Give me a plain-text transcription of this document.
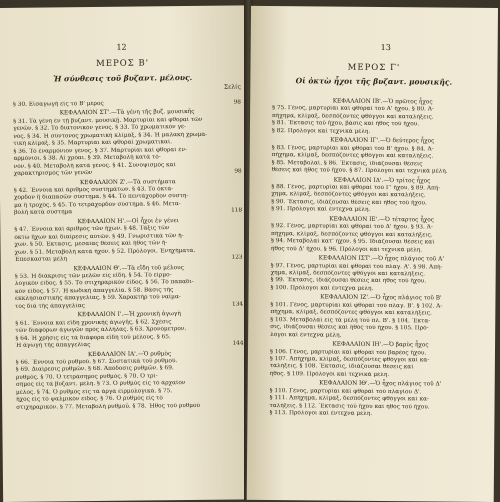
12
ΜΕΡΟΣ Β'
Ἡ σύνθεσις τοῦ βυζαντ. μέλους.
Σελίς
98
§ 30. Εἰσαγωγὴ εἰς τὸ Β' μέρος
ΚΕΦΑΛΑΙΟΝ ΣΤ'.—Τὰ γένη τῆς βυζ. μουσικῆς
§ 31. Τὰ γένη ἐν τῇ βυζαντ. μουσικῇ. Μαρτυρίαι καὶ φθοραὶ τῶν
γενῶν. § 32. Τὸ διατονικὸν γένος. § 33. Τὸ χρωματικὸν γέ-
νος. § 34. Ἡ σύντονος χρωματικὴ κλίμαξ. § 34. Ἡ μαλακὴ χρωμα-
τικὴ κλίμαξ. § 35. Μαρτυρίαι καὶ φθοραὶ χρωματικαί.
§ 36. Τὸ ἐναρμόνιον γένος. § 37. Μαρτυρίαι καὶ φθοραὶ ἐν-
αρμόνιοι. § 38. Αἱ χρόαι. § 39. Μεταβολὴ κατὰ τό-
νον. § 40. Μεταβολὴ κατὰ γένος. § 41. Συνοψισμὸς καὶ
98
χαρακτηρισμὸς τῶν γενῶν
ΚΕΦΑΛΑΙΟΝ Ζ'.—Τὰ συστήματα
§ 42. Ἔννοια καὶ ἀριθμὸς συστημάτων. § 43. Τὸ ὀκτά-
χορδον ἢ διαπασῶν σύστημα. § 44. Τὸ πεντάχορδον σύστη-
μα ἢ τροχός. § 45. Τὸ τετράχορδον σύστημα. § 46. Μετα-
118
βολὴ κατὰ σύστημα
ΚΕΦΑΛΑΙΟΝ Η'.—Οἱ ἦχοι ἐν γένει
§ 47. Ἔννοια καὶ ἀριθμὸς τῶν ἤχων. § 48. Τάξις τῶν
ὀκτὼ ἤχων καὶ διαίρεσις αὐτῶν. § 49. Γνωριστικὰ τῶν ἤ-
χων. § 50. Ἐκτασις, μεσαίας θέσεις καὶ ἦθος τῶν ἤ-
χων. § 51. Μεταβολὴ κατὰ ἦχον. § 52. Πρόλογοι. Ἐνηχήματα.
123
Ἐπεσκασται μέλη
ΚΕΦΑΛΑΙΟΝ Θ'.—Τὰ εἴδη τοῦ μέλους
§ 53. Ἡ διάκρισις τῶν μελῶν εἰς εἴδη. § 54. Τὸ εἱρμο-
λογικὸν εἶδος. § 55. Τὸ στιχηραρικὸν εἶδος. § 56. Τὸ παπαδι-
κὸν εἶδος. § 57. Ἡ κωδικὴ ἀπαγγελία. § 58. Βάσις τῆς
ἐκκλησιαστικῆς ἀπαγγελίας. § 59. Χαρακτὴρ τοῦ ναΐμα-
134
τος διὰ τῆς ἀπαγγελίας
ΚΕΦΑΛΑΙΟΝ Ι'.—Ἡ χρονικὴ ἀγωγὴ
§ 61. Ἔννοια καὶ εἴδη χρονικῆς ἀγωγῆς. § 62. Σχέσις
τῶν διαφόρων ἀγωγῶν πρὸς ἀλλήλας. § 63. Χρονόμετρον.
§ 64. Ἡ χρῆσις εἰς τὰ διάφορα εἴδη τοῦ μέλους. § 65.
144
Ἡ ἀγωγὴ τῆς ἀπαγγελίας
ΚΕΦΑΛΑΙΟΝ ΙΑ'.—Ὁ ρυθμὸς
§ 66. Ἔννοια τοῦ ρυθμοῦ. § 67. Συστατικὰ τοῦ ρυθμοῦ.
§ 69. Διαίρεσις ρυθμῶν. § 68. Ἀπόδοσις ρυθμῶν. § 69.
ρυθμός. § 70. Ὁ τετράσημος ρυθμός. § 70. Ὁ τρί-
σημος εἰς τὰ βυζαντ. μέλη. § 73. Ὁ ρυθμὸς εἰς τὸ ἀρχαῖον
μέλος. § 74. Ὁ ρυθμὸς εἰς τὰ ἀργὰ εἱρμολογικὰ. § 75.
ἤχος εἰς τὸ ψαλμικὸν εἶδος. § 76. Ὁ ρυθμὸς εἰς τὸ
στιχηραρικὸν. § 77. Μεταβολὴ ρυθμοῦ. § 78. Ἦθος τοῦ ρυθμοῦ
13
ΜΕΡΟΣ Γ'
Οἱ ὀκτὼ ἦχοι τῆς βυζαντ. μουσικῆς.
ΚΕΦΑΛΑΙΟΝ ΙΒ'.—Ὁ πρῶτος ἦχος
§ 75. Γένος, μαρτυρίαι καὶ φθοραὶ τοῦ Α' ἤχου. § 80. Ἀ-
πήχημα, κλίμαξ, δεσπόζοντες φθόγγοι καὶ καταλήξεις.
§ 81. Ἔκτασις τοῦ ἤχου, βάσις καὶ ἦθος τοῦ ἤχου.
§ 82. Πρόλογοι καὶ τεχνικὰ μέλη.
ΚΕΦΑΛΑΙΟΝ ΙΓ'.—Ὁ δεύτερος ἦχος
§ 83. Γένος, μαρτυρίαι καὶ φθοραὶ τοῦ Β' ἤχου. § 84. Ἀ-
πήχημα, κλίμαξ, δεσπόζοντες φθόγγοι καὶ καταλήξεις.
§ 85. Μεταβολαί. § 86. Ἔκτασις, ἰδιάζουσαι θέσεις
θέσεις καὶ ἦθος τοῦ ἤχου. § 87. Πρόλογοι καὶ τεχνικὰ μέλη.
ΚΕΦΑΛΑΙΟΝ ΙΔ'.—Ὁ τρίτος ἦχος
§ 88. Γένος, μαρτυρίαι καὶ φθοραὶ τοῦ Γ' ἤχου. § 89. Ἀπή-
χημα, κλίμαξ, δεσπόζοντες φθόγγοι καὶ καταλήξεις.
§ 90. Ἔκτασις, ἰδιάζουσαι θέσεις καὶ ἦθος τοῦ ἤχου.
§ 91. Πρόλογοι καὶ ἐντεχνα μέλη.
ΚΕΦΑΛΑΙΟΝ ΙΕ'.—Ὁ τέταρτος ἦχος
§ 92. Γένος, μαρτυρίαι καὶ φθοραὶ τοῦ Δ' ἤχου. § 93. Ἀ-
πήχημα, κλίμαξ, δεσπόζοντες φθόγγοι καὶ καταλήξεις.
§ 94. Μεταβολαί κατ' ἦχον. § 95. Ἰδιάζουσαι θέσεις καὶ
ἦθος τοῦ Δ' ἤχου. § 96. Πρόλογοι καὶ τεχνικὰ μέλη.
ΚΕΦΑΛΑΙΟΝ ΙΣΤ'.—Ὁ ἦχος πλάγιος τοῦ Α'
§ 97. Γένος, μαρτυρίαι καὶ φθοραὶ τοῦ πλαγ. Α'. § 98. Ἀπή-
χημα, κλίμαξ, δεσπόζοντες φθόγγοι καὶ καταλήξεις.
§ 99. Ἔκτασις, ἰδιάζουσαι θέσεις καὶ ἦθος τοῦ ἤχου.
§ 100. Πρόλογοι καὶ ἐντεχνα μέλη.
ΚΕΦΑΛΑΙΟΝ ΙΖ'.—Ὁ ἦχος πλάγιος τοῦ Β'
§ 101. Γένος, μαρτυρίαι καὶ φθοραὶ τοῦ πλαγ. Β'. § 102. Ἀ-
πήχημα, κλίμαξ, δεσπόζοντες φθόγγοι καὶ καταλήξεις.
§ 103. Μεταβολαί εἰς τὰ μέλη τοῦ πλ. Β'. § 104. Ἔκτα-
σις, ἰδιάζουσαι θέσεις καὶ ἦθος τοῦ ἤχου. § 105. Πρό-
λογοι καὶ ἐντεχνα μέλη.
ΚΕΦΑΛΑΙΟΝ ΙΗ'.—Ὁ βαρὺς ἦχος
§ 106. Γένος, μαρτυρίαι καὶ φθοραὶ τοῦ βαρέος ἤχου.
§ 107. Ἀπήχημα, κλίμαξ, δεσπόζοντες φθόγγοι καὶ κα-
ταλήξεις. § 108. Ἔκτασις, ἰδιάζουσαι θέσεις καὶ
ἦθος. § 109. Πρόλογοι καὶ τεχνικὰ μέλη.
ΚΕΦΑΛΑΙΟΝ ΙΘ'.—Ὁ ἦχος πλάγιος τοῦ Δ'
§ 110. Γένος, μαρτυρίαι καὶ φθοραὶ τοῦ πλαγίου Δ'.
§ 111. Ἀπήχημα, κλίμαξ, δεσπόζοντες φθόγγοι καὶ κα-
ταλήξεις. § 112. Ἔκτασις τοῦ ἤχου καὶ ἦθος τοῦ ἤχου.
§ 113. Πρόλογοι καὶ ἐντεχνα μέλη.
